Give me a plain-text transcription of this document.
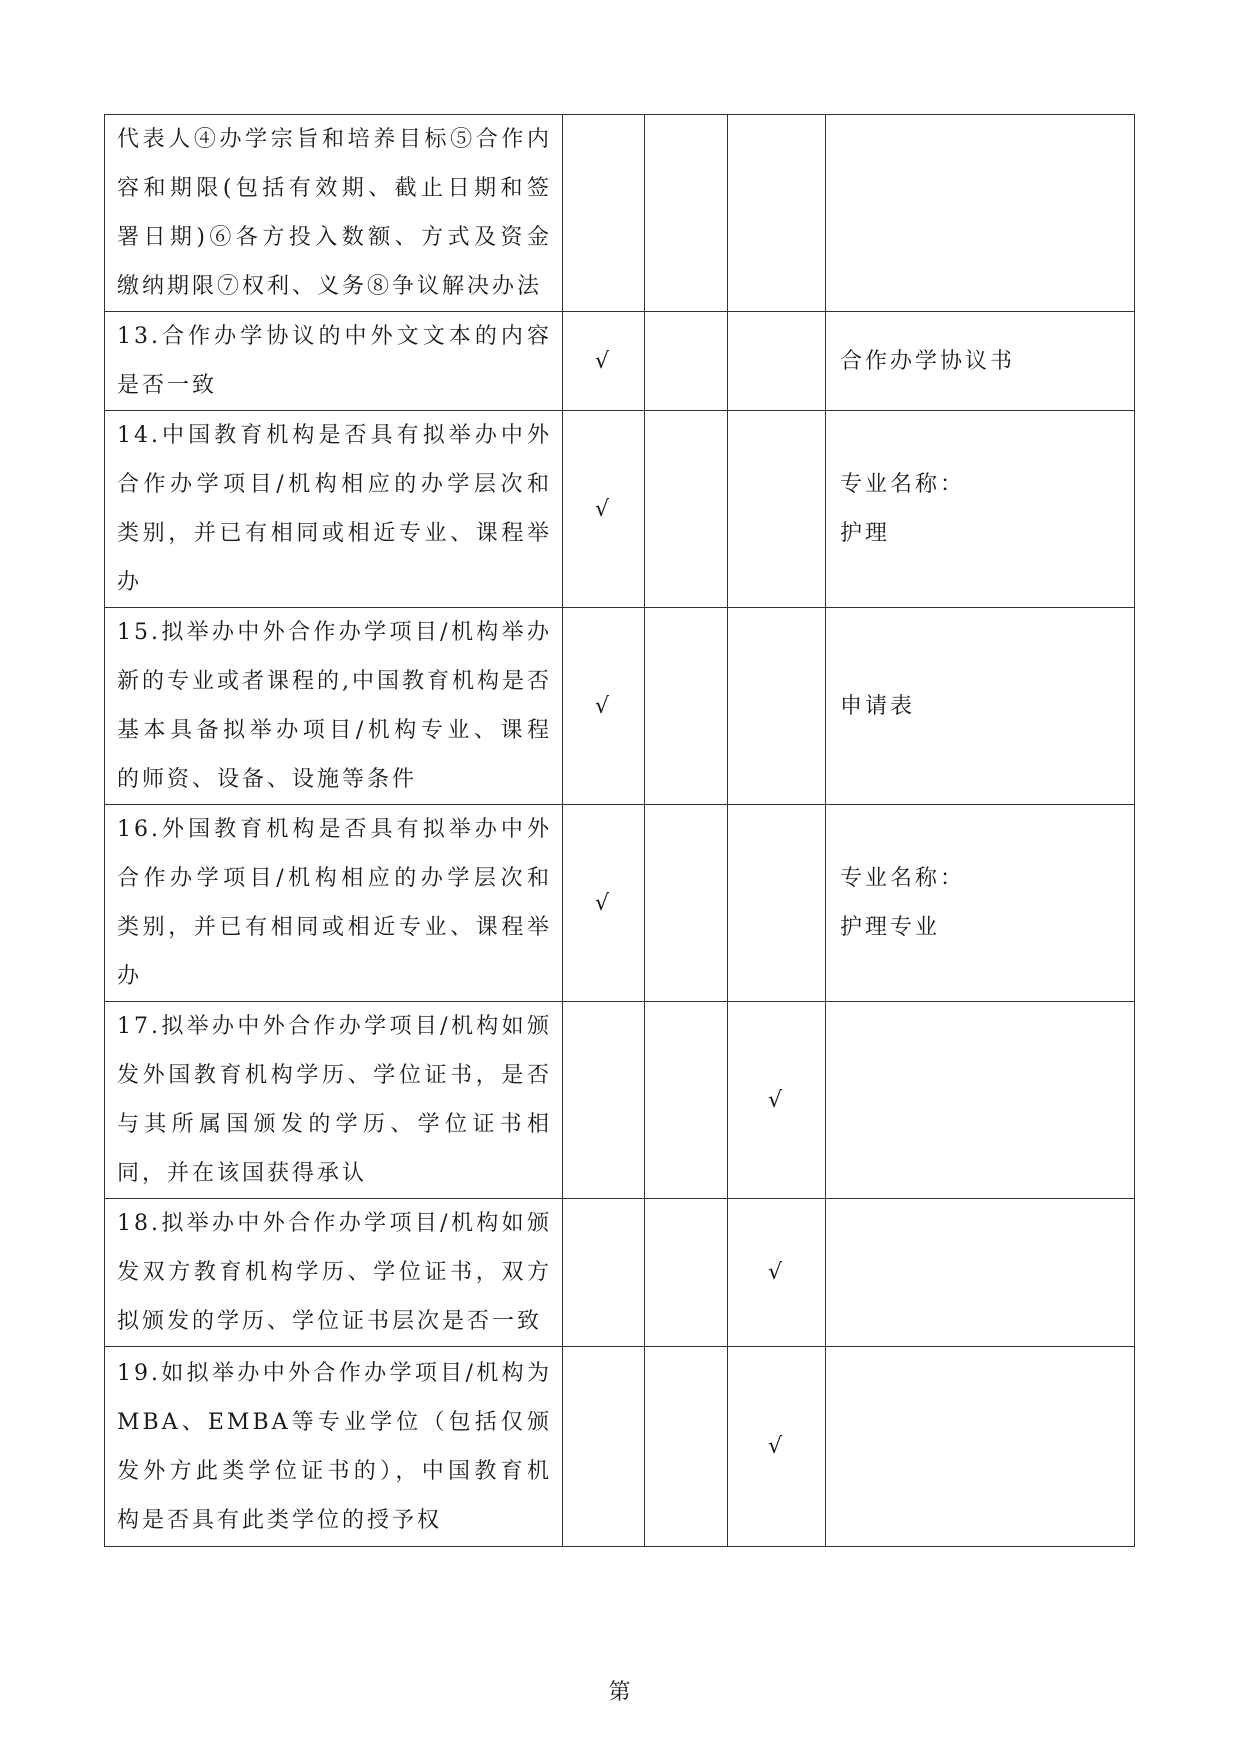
代表人④办学宗旨和培养目标⑤合作内容和期限(包括有效期、截止日期和签署日期)⑥各方投入数额、方式及资金缴纳期限⑦权利、义务⑧争议解决办法				

13.合作办学协议的中外文文本的内容是否一致	√			合作办学协议书

14.中国教育机构是否具有拟举办中外合作办学项目/机构相应的办学层次和类别，并已有相同或相近专业、课程举办	√			专业名称：
护理

15.拟举办中外合作办学项目/机构举办新的专业或者课程的,中国教育机构是否基本具备拟举办项目/机构专业、课程的师资、设备、设施等条件	√			申请表

16.外国教育机构是否具有拟举办中外合作办学项目/机构相应的办学层次和类别，并已有相同或相近专业、课程举办	√			专业名称：
护理专业

17.拟举办中外合作办学项目/机构如颁发外国教育机构学历、学位证书，是否与其所属国颁发的学历、学位证书相同，并在该国获得承认			√	

18.拟举办中外合作办学项目/机构如颁发双方教育机构学历、学位证书，双方拟颁发的学历、学位证书层次是否一致			√	

19.如拟举办中外合作办学项目/机构为MBA、EMBA等专业学位（包括仅颁发外方此类学位证书的），中国教育机构是否具有此类学位的授予权			√	
第
